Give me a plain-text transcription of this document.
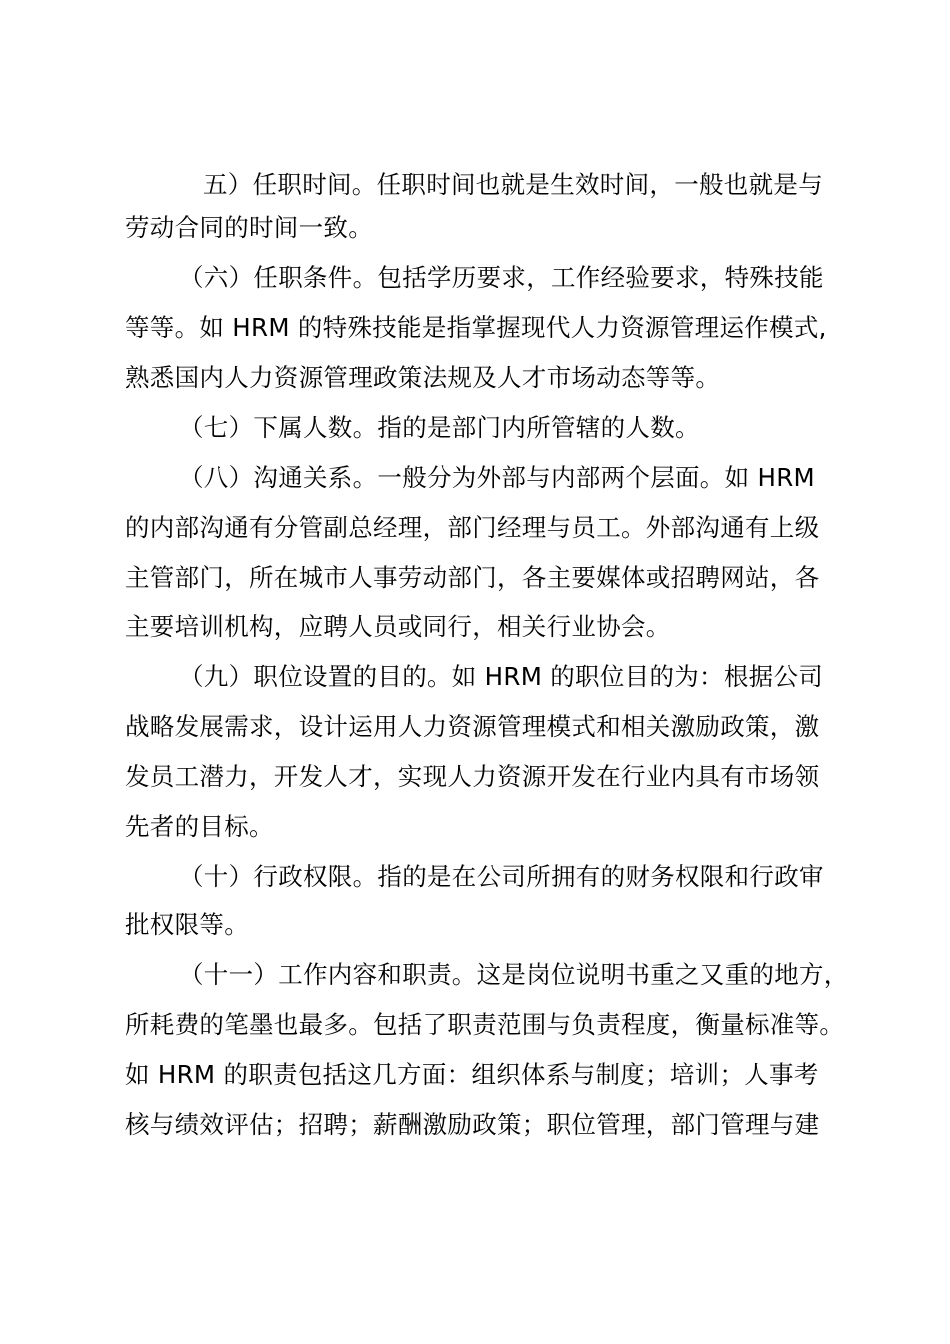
五）任职时间。任职时间也就是生效时间，一般也就是与
劳动合同的时间一致。
（六）任职条件。包括学历要求，工作经验要求，特殊技能
等等。如 HRM 的特殊技能是指掌握现代人力资源管理运作模式,
熟悉国内人力资源管理政策法规及人才市场动态等等。
（七）下属人数。指的是部门内所管辖的人数。
（八）沟通关系。一般分为外部与内部两个层面。如 HRM
的内部沟通有分管副总经理，部门经理与员工。外部沟通有上级
主管部门，所在城市人事劳动部门，各主要媒体或招聘网站，各
主要培训机构，应聘人员或同行，相关行业协会。
（九）职位设置的目的。如 HRM 的职位目的为：根据公司
战略发展需求，设计运用人力资源管理模式和相关激励政策，激
发员工潜力，开发人才，实现人力资源开发在行业内具有市场领
先者的目标。
（十）行政权限。指的是在公司所拥有的财务权限和行政审
批权限等。
（十一）工作内容和职责。这是岗位说明书重之又重的地方，
所耗费的笔墨也最多。包括了职责范围与负责程度，衡量标准等。
如 HRM 的职责包括这几方面：组织体系与制度；培训；人事考
核与绩效评估；招聘；薪酬激励政策；职位管理，部门管理与建
